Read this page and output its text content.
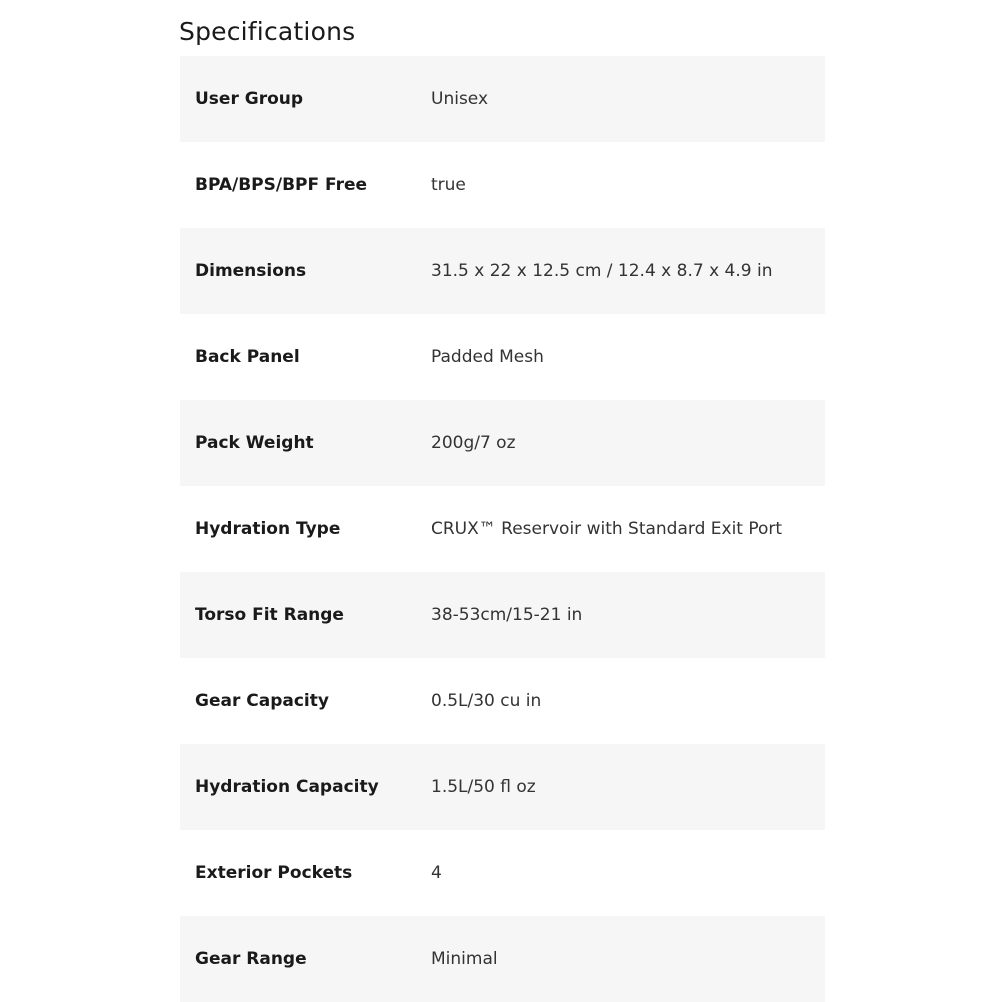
Specifications
User Group	Unisex
BPA/BPS/BPF Free	true
Dimensions	31.5 x 22 x 12.5 cm / 12.4 x 8.7 x 4.9 in
Back Panel	Padded Mesh
Pack Weight	200g/7 oz
Hydration Type	CRUX™ Reservoir with Standard Exit Port
Torso Fit Range	38-53cm/15-21 in
Gear Capacity	0.5L/30 cu in
Hydration Capacity	1.5L/50 fl oz
Exterior Pockets	4
Gear Range	Minimal
